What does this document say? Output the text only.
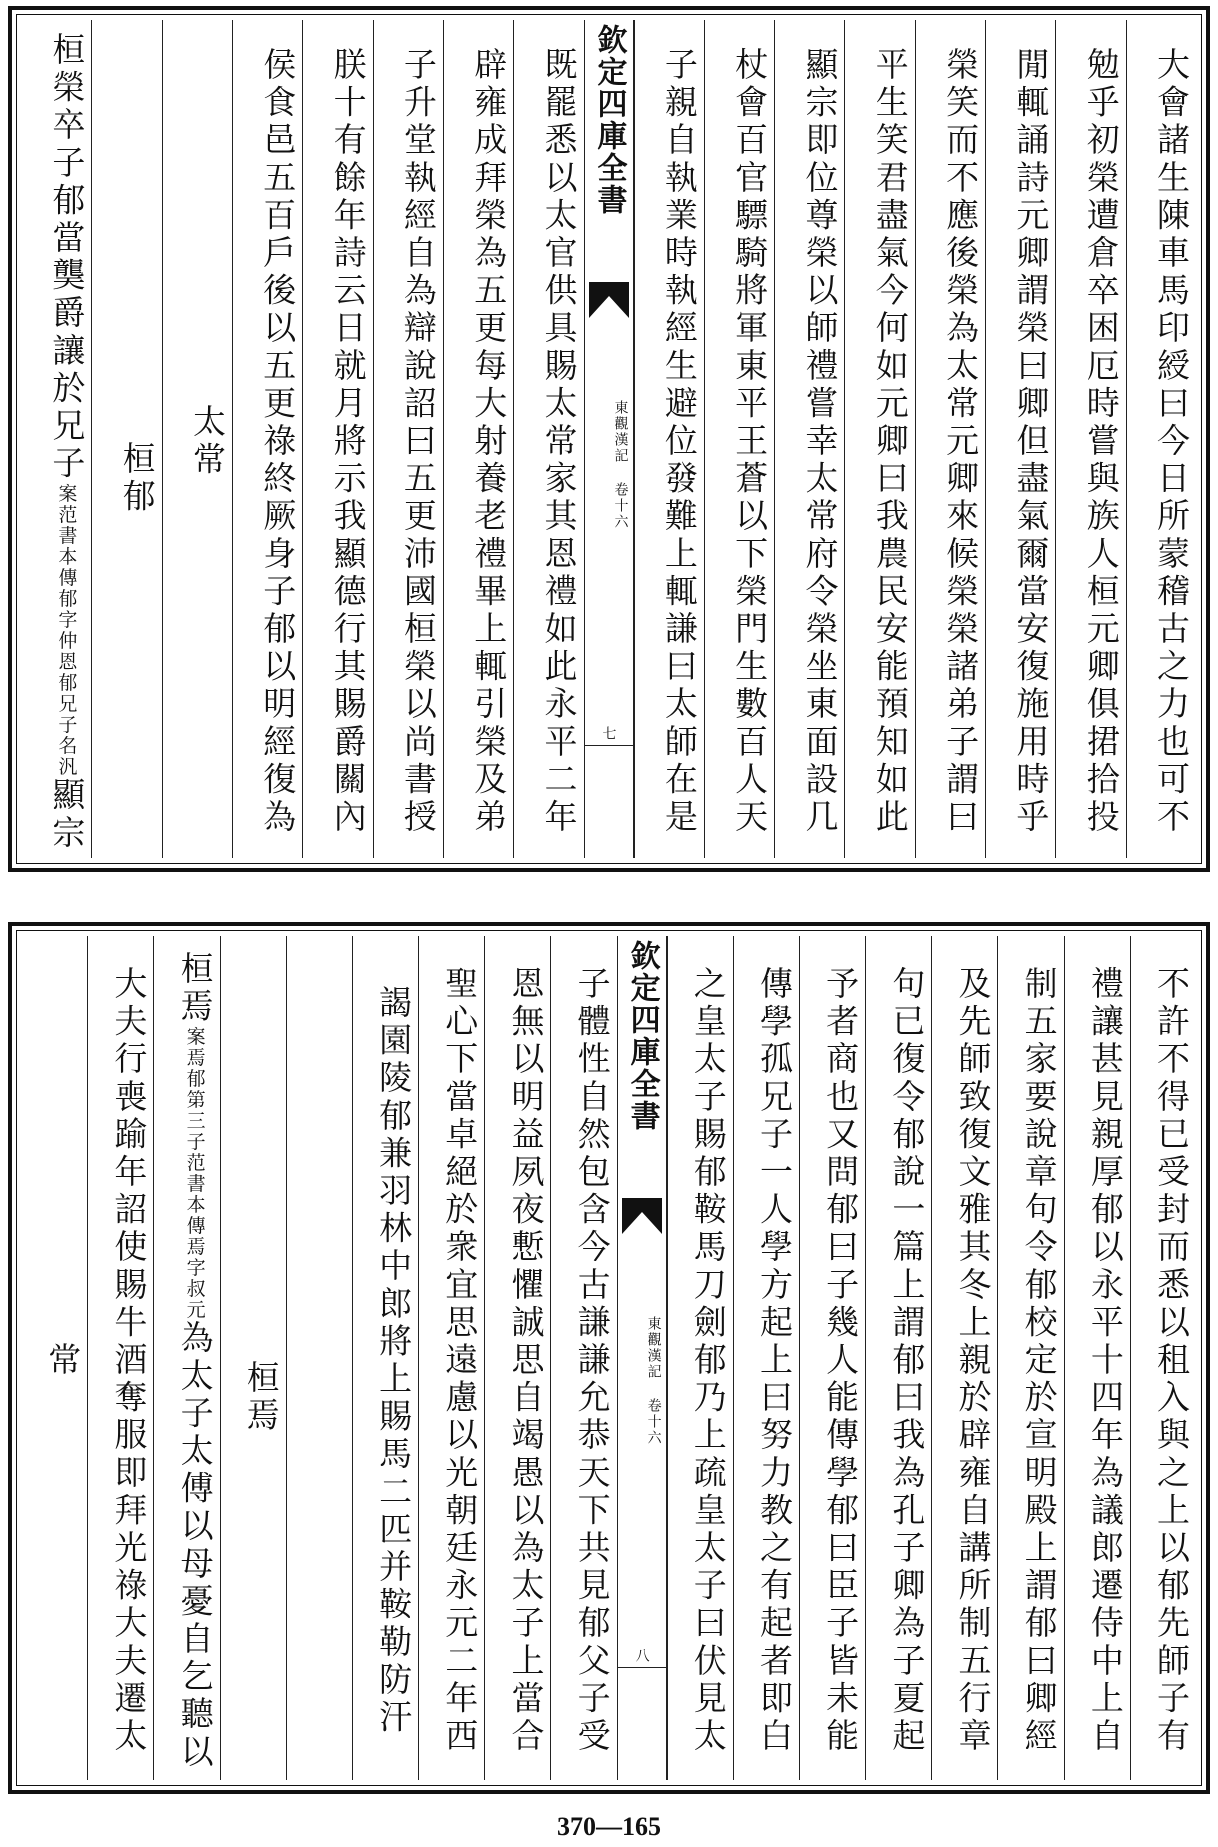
大會諸生陳車馬印綬曰今日所蒙稽古之力也可不
勉乎初榮遭倉卒困厄時嘗與族人桓元卿俱捃拾投
閒輒誦詩元卿謂榮曰卿但盡氣爾當安復施用時乎
榮笑而不應後榮為太常元卿來候榮榮諸弟子謂曰
平生笑君盡氣今何如元卿曰我農民安能預知如此
顯宗即位尊榮以師禮嘗幸太常府令榮坐東面設几
杖會百官驃騎將軍東平王蒼以下榮門生數百人天
子親自執業時執經生避位發難上輒謙曰太師在是
欽定四庫全書
東觀漢記 卷十六
七
既罷悉以太官供具賜太常家其恩禮如此永平二年
辟雍成拜榮為五更每大射養老禮畢上輒引榮及弟
子升堂執經自為辯說詔曰五更沛國桓榮以尚書授
朕十有餘年詩云日就月將示我顯德行其賜爵關內
侯食邑五百戶後以五更祿終厥身子郁以明經復為
太常
桓郁
桓榮卒子郁當龑爵讓於兄子案范書本傳郁字仲恩郁兄子名汎顯宗
不許不得已受封而悉以租入與之上以郁先師子有
禮讓甚見親厚郁以永平十四年為議郎遷侍中上自
制五家要說章句令郁校定於宣明殿上謂郁曰卿經
及先師致復文雅其冬上親於辟雍自講所制五行章
句已復令郁說一篇上謂郁曰我為孔子卿為子夏起
予者商也又問郁曰子幾人能傳學郁曰臣子皆未能
傳學孤兄子一人學方起上曰努力教之有起者即白
之皇太子賜郁鞍馬刀劍郁乃上疏皇太子曰伏見太
欽定四庫全書
東觀漢記 卷十六
八
子體性自然包含今古謙謙允恭天下共見郁父子受
恩無以明益夙夜慙懼誠思自竭愚以為太子上當合
聖心下當卓絕於衆宜思遠慮以光朝廷永元二年西
謁園陵郁兼羽林中郎將上賜馬二匹并鞍勒防汗
桓焉
桓焉案焉郁第三子范書本傳焉字叔元為太子太傅以母憂自乞聽以
大夫行喪踰年詔使賜牛酒奪服即拜光祿大夫遷太
常
370—165
